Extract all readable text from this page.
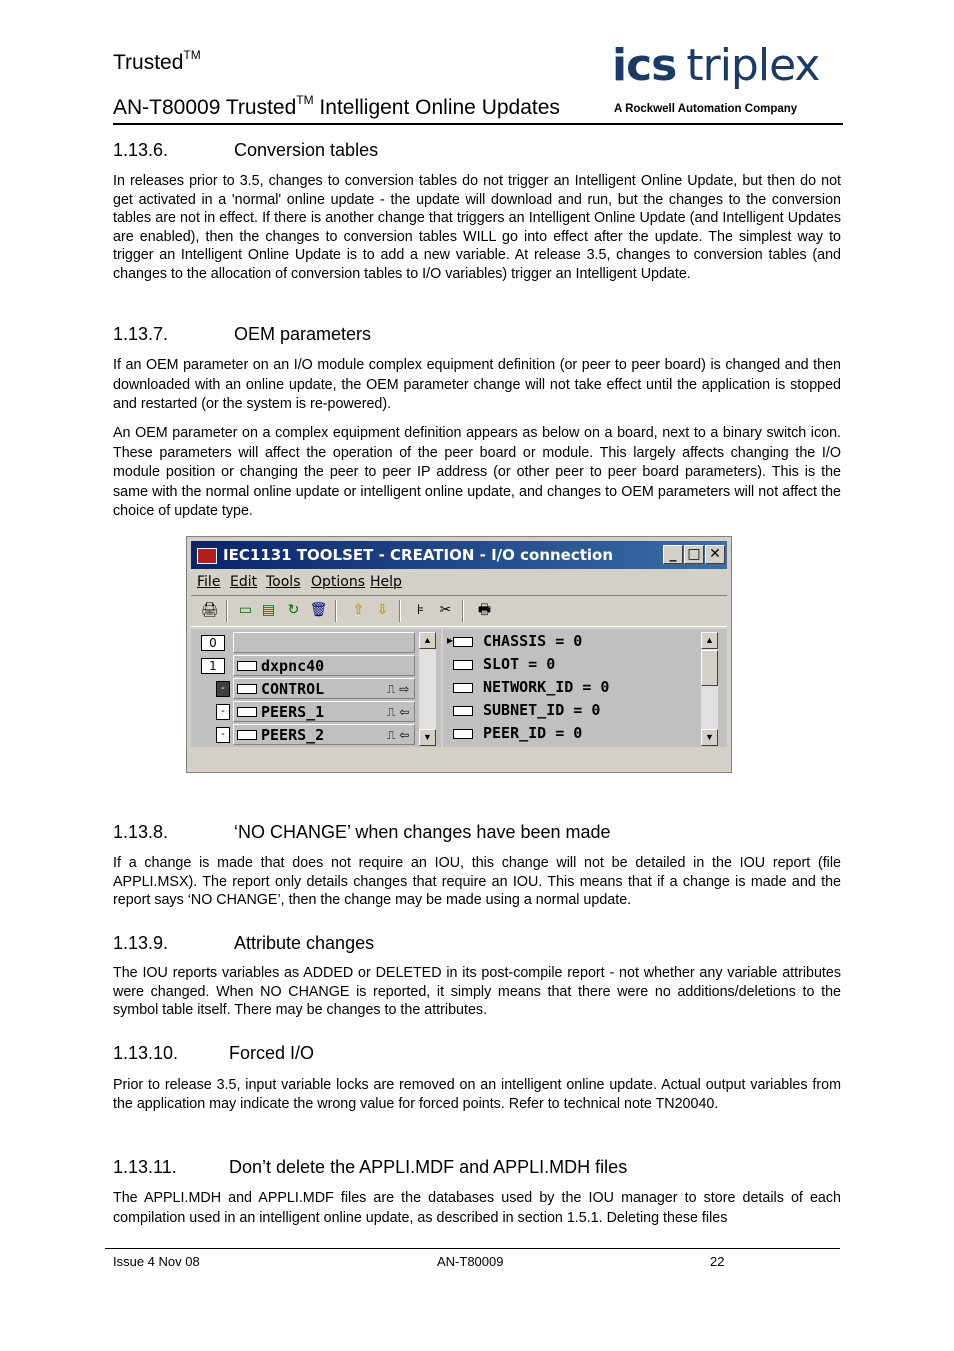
Trusted™
AN-T80009 Trusted™ Intelligent Online Updates
ics triplex
A Rockwell Automation Company
1.13.6.	Conversion tables
In releases prior to 3.5, changes to conversion tables do not trigger an Intelligent Online Update, but then do not get activated in a 'normal' online update - the update will download and run, but the changes to the conversion tables are not in effect. If there is another change that triggers an Intelligent Online Update (and Intelligent Updates are enabled), then the changes to conversion tables WILL go into effect after the update. The simplest way to trigger an Intelligent Online Update is to add a new variable. At release 3.5, changes to conversion tables (and changes to the allocation of conversion tables to I/O variables) trigger an Intelligent Update.
1.13.7.	OEM parameters
If an OEM parameter on an I/O module complex equipment definition (or peer to peer board) is changed and then downloaded with an online update, the OEM parameter change will not take effect until the application is stopped and restarted (or the system is re-powered).
An OEM parameter on a complex equipment definition appears as below on a board, next to a binary switch icon. These parameters will affect the operation of the peer board or module. This largely affects changing the I/O module position or changing the peer to peer IP address (or other peer to peer board parameters). This is the same with the normal online update or intelligent online update, and changes to OEM parameters will not affect the choice of update type.
IEC1131 TOOLSET - CREATION - I/O connection	_ □ ✕
File Edit Tools Options Help
🖨 ▭ ▤ ↻ 🗑 ⇧ ⇩	⊧	✂ 🖶
0
1	dxpnc40
-	CONTROL	⎍ ⇨
-	PEERS_1	⎍ ⇦
-	PEERS_2	⎍ ⇦
▲
▼
▸ CHASSIS = 0
SLOT = 0
NETWORK_ID = 0
SUBNET_ID = 0
PEER_ID = 0
▲
▼
1.13.8.	‘NO CHANGE’ when changes have been made
If a change is made that does not require an IOU, this change will not be detailed in the IOU report (file APPLI.MSX). The report only details changes that require an IOU. This means that if a change is made and the report says ‘NO CHANGE’, then the change may be made using a normal update.
1.13.9.	Attribute changes
The IOU reports variables as ADDED or DELETED in its post-compile report - not whether any variable attributes were changed. When NO CHANGE is reported, it simply means that there were no additions/deletions to the symbol table itself. There may be changes to the attributes.
1.13.10.	Forced I/O
Prior to release 3.5, input variable locks are removed on an intelligent online update. Actual output variables from the application may indicate the wrong value for forced points. Refer to technical note TN20040.
1.13.11.	Don’t delete the APPLI.MDF and APPLI.MDH files
The APPLI.MDH and APPLI.MDF files are the databases used by the IOU manager to store details of each compilation used in an intelligent online update, as described in section 1.5.1. Deleting these files
Issue 4 Nov 08	AN-T80009	22
